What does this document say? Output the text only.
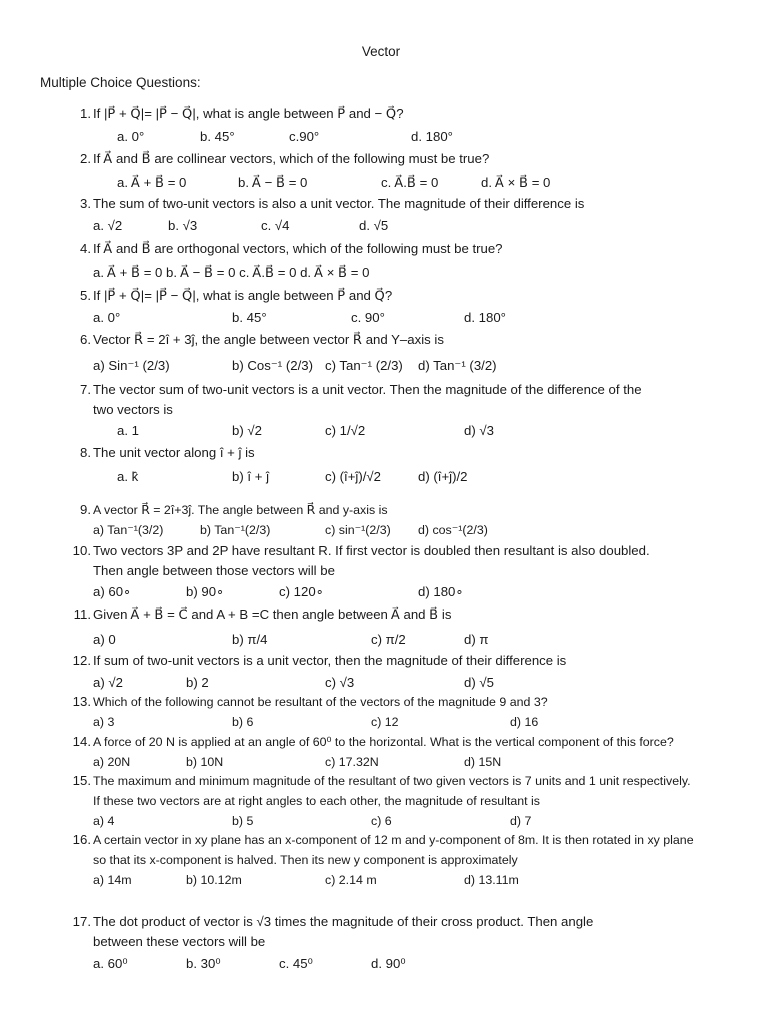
Vector
Multiple Choice Questions:
1. If |P⃗ + Q⃗|= |P⃗ − Q⃗|, what is angle between P⃗ and − Q⃗?
a. 0°	b. 45°	c.90°	d. 180°
2. If A⃗ and B⃗ are collinear vectors, which of the following must be true?
a. A⃗ + B⃗ = 0	b. A⃗ − B⃗ = 0	c. A⃗.B⃗ = 0	d. A⃗ × B⃗ = 0
3. The sum of two-unit vectors is also a unit vector. The magnitude of their difference is
a. √2	b. √3	c. √4	d. √5
4. If A⃗ and B⃗ are orthogonal vectors, which of the following must be true?
a. A⃗ + B⃗ = 0 b. A⃗ − B⃗ = 0 c. A⃗.B⃗ = 0 d. A⃗ × B⃗ = 0
5. If |P⃗ + Q⃗|= |P⃗ − Q⃗|, what is angle between P⃗ and Q⃗?
a. 0°	b. 45°	c. 90°	d. 180°
6. Vector R⃗ = 2î + 3ĵ, the angle between vector R⃗ and Y–axis is
a) Sin⁻¹ (2/3)	b) Cos⁻¹ (2/3) c) Tan⁻¹ (2/3) d) Tan⁻¹ (3/2)
7. The vector sum of two-unit vectors is a unit vector. Then the magnitude of the difference of the
two vectors is
a. 1	b) √2	c) 1/√2	d) √3
8. The unit vector along î + ĵ is
a. k̂	b) î + ĵ	c) (î+ĵ)/√2	d) (î+ĵ)/2
9. A vector R⃗ = 2î+3ĵ. The angle between R⃗ and y-axis is
a) Tan⁻¹(3/2)	b) Tan⁻¹(2/3)	c) sin⁻¹(2/3) d) cos⁻¹(2/3)
10. Two vectors 3P and 2P have resultant R. If first vector is doubled then resultant is also doubled.
Then angle between those vectors will be
a) 60∘	b) 90∘	c) 120∘	d) 180∘
11. Given A⃗ + B⃗ = C⃗ and A + B =C then angle between A⃗ and B⃗ is
a) 0	b) π/4	c) π/2	d) π
12. If sum of two-unit vectors is a unit vector, then the magnitude of their difference is
a) √2	b) 2	c) √3	d) √5
13. Which of the following cannot be resultant of the vectors of the magnitude 9 and 3?
a) 3	b) 6	c) 12	d) 16
14. A force of 20 N is applied at an angle of 60⁰ to the horizontal. What is the vertical component of this force?
a) 20N	b) 10N	c) 17.32N	d) 15N
15. The maximum and minimum magnitude of the resultant of two given vectors is 7 units and 1 unit respectively.
If these two vectors are at right angles to each other, the magnitude of resultant is
a) 4	b) 5	c) 6	d) 7
16. A certain vector in xy plane has an x-component of 12 m and y-component of 8m. It is then rotated in xy plane
so that its x-component is halved. Then its new y component is approximately
a) 14m	b) 10.12m	c) 2.14 m	d) 13.11m
17. The dot product of vector is √3 times the magnitude of their cross product. Then angle
between these vectors will be
a. 60⁰	b. 30⁰	c. 45⁰	d. 90⁰
